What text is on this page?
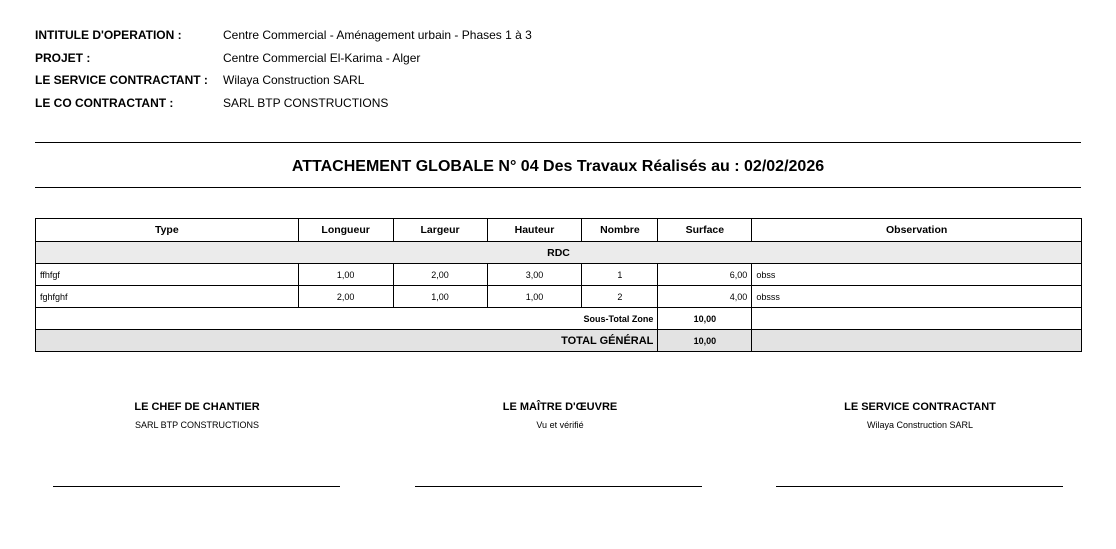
INTITULE D'OPERATION :	Centre Commercial - Aménagement urbain - Phases 1 à 3
PROJET :	Centre Commercial El-Karima - Alger
LE SERVICE CONTRACTANT :	Wilaya Construction SARL
LE CO CONTRACTANT :	SARL BTP CONSTRUCTIONS
ATTACHEMENT GLOBALE N° 04 Des Travaux Réalisés au : 02/02/2026
Type	Longueur	Largeur	Hauteur	Nombre	Surface	Observation
RDC						
ffhfgf	1,00	2,00	3,00	1	6,00	obss
fghfghf	2,00	1,00	1,00	2	4,00	obsss
Sous-Total Zone					10,00	
TOTAL GÉNÉRAL					10,00	
LE CHEF DE CHANTIER
SARL BTP CONSTRUCTIONS
LE MAÎTRE D'ŒUVRE
Vu et vérifié
LE SERVICE CONTRACTANT
Wilaya Construction SARL
